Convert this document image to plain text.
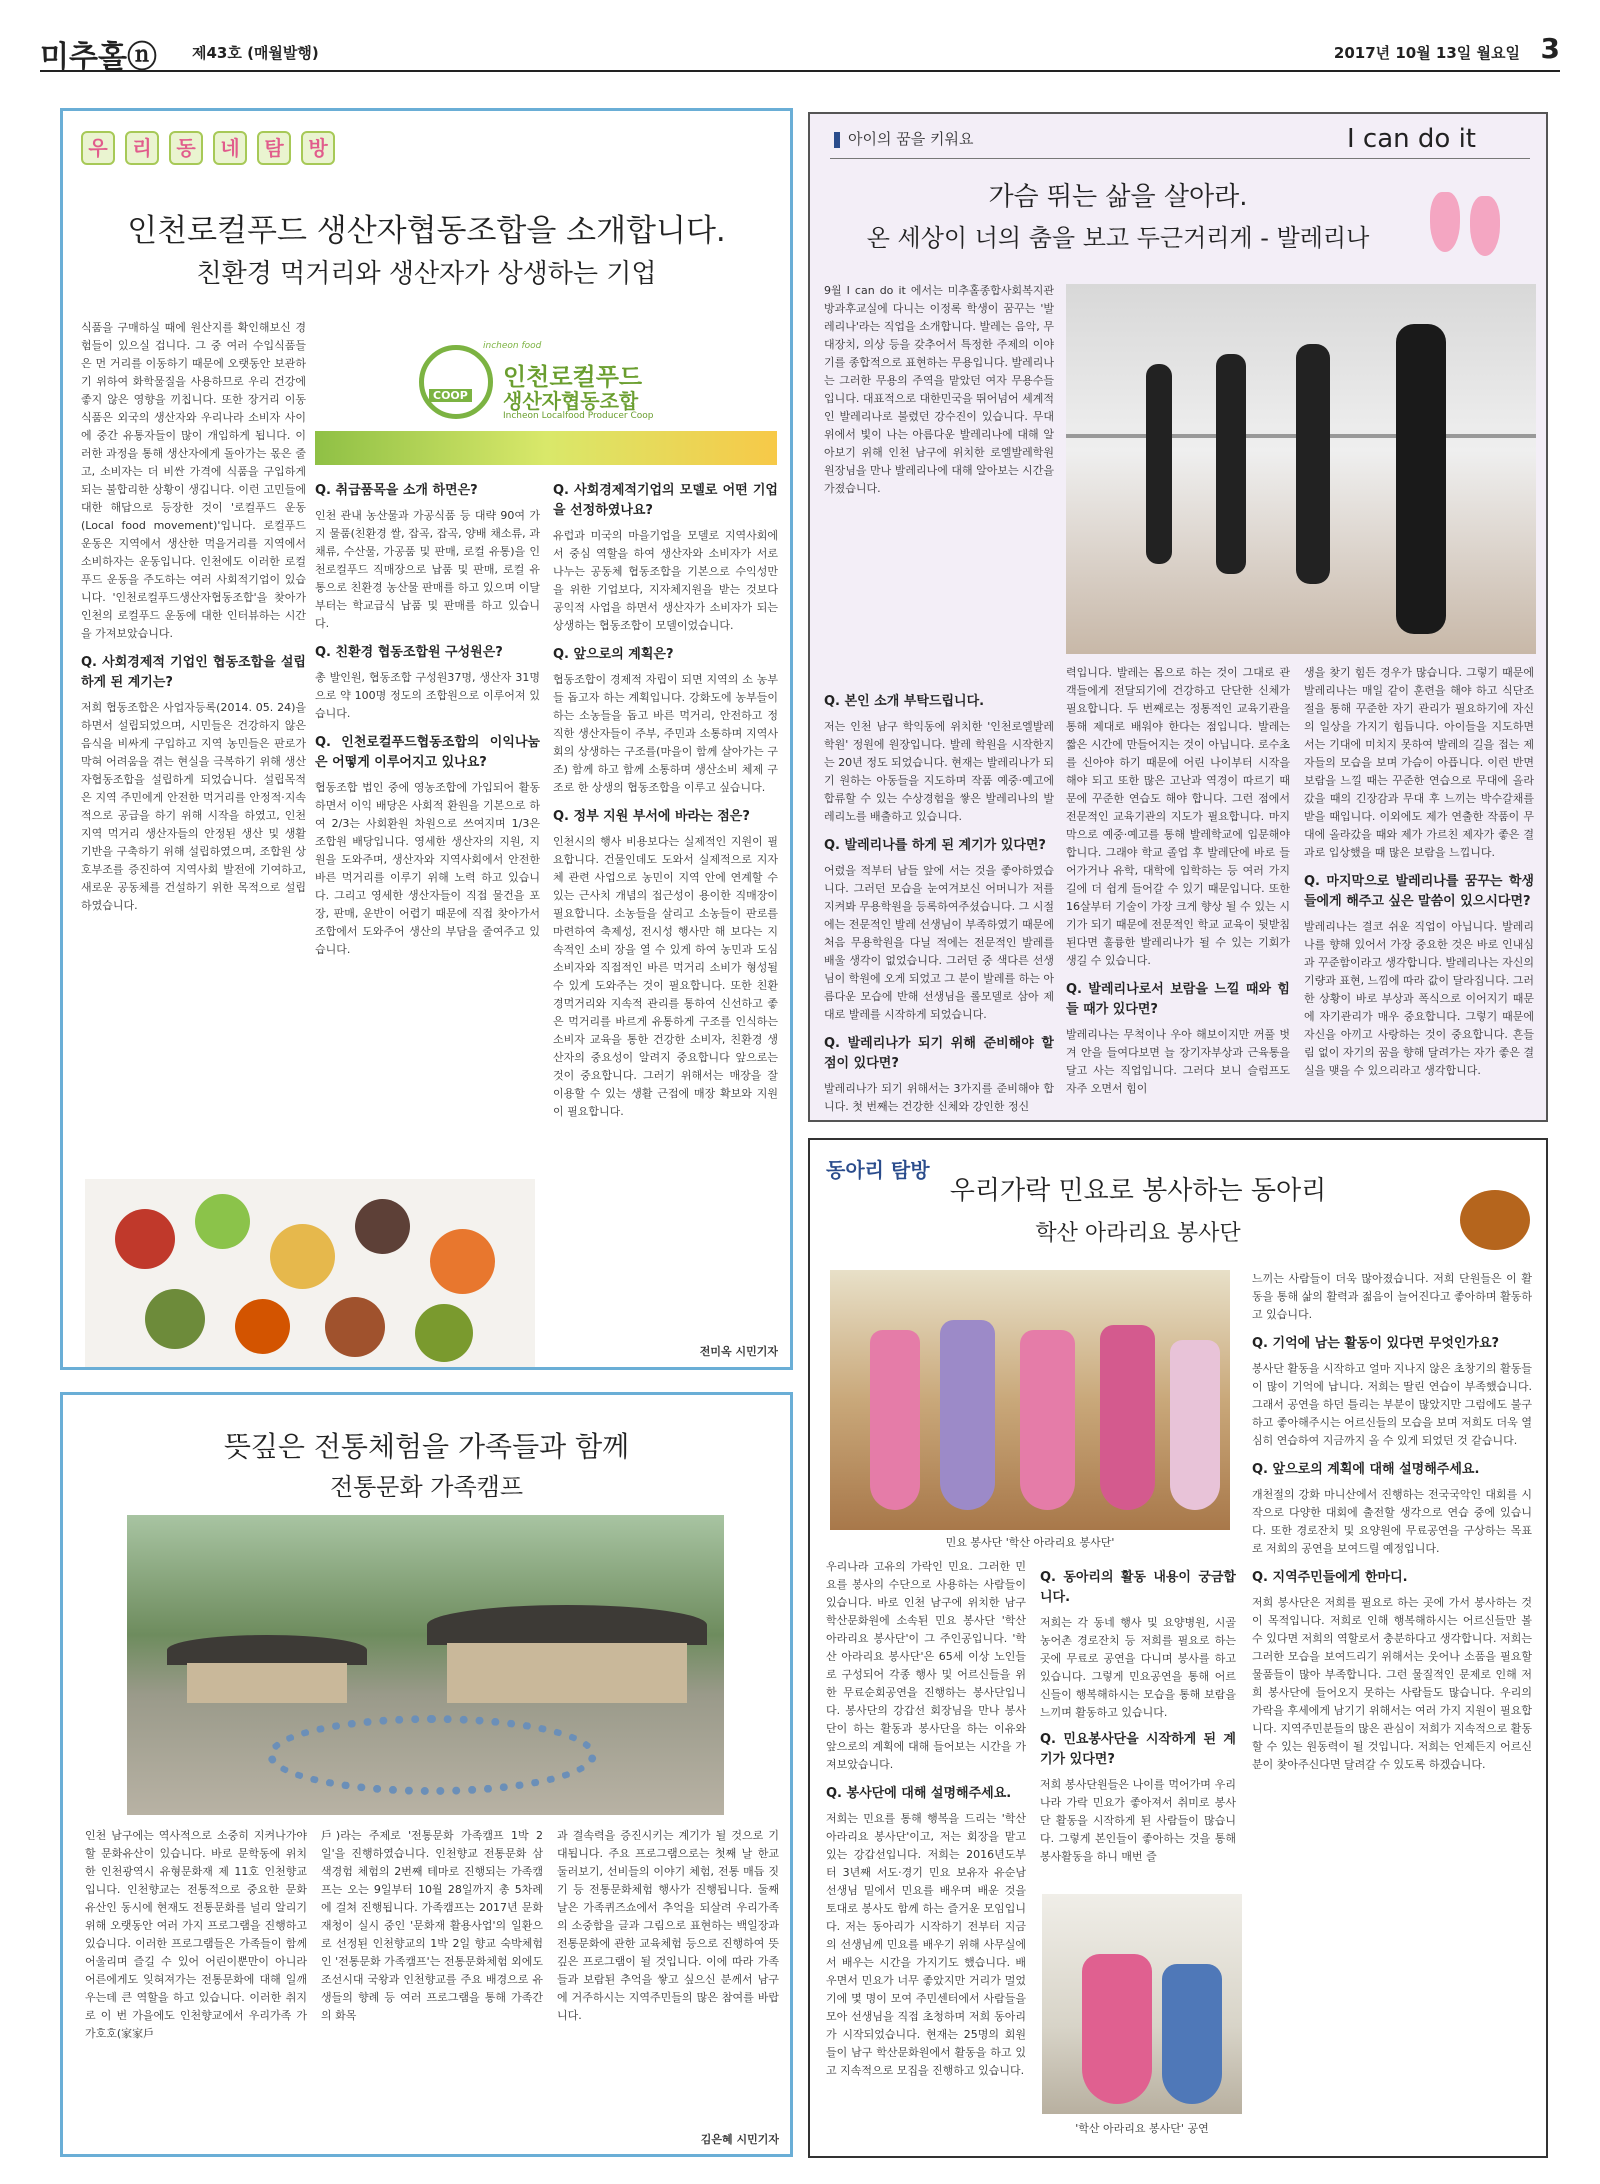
미추홀ⓝ 제43호 (매월발행)	2017년 10월 13일 월요일 3
우	리	동	네	탐	방
인천로컬푸드 생산자협동조합을 소개합니다.
친환경 먹거리와 생산자가 상생하는 기업

식품을 구매하실 때에 원산지를 확인해보신 경험들이 있으실 겁니다. 그 중 여러 수입식품들은 먼 거리를 이동하기 때문에 오랫동안 보관하기 위하여 화학물질을 사용하므로 우리 건강에 좋지 않은 영향을 끼칩니다. 또한 장거리 이동 식품은 외국의 생산자와 우리나라 소비자 사이에 중간 유통자들이 많이 개입하게 됩니다. 이러한 과정을 통해 생산자에게 돌아가는 몫은 줄고, 소비자는 더 비싼 가격에 식품을 구입하게 되는 불합리한 상황이 생깁니다. 이런 고민들에 대한 해답으로 등장한 것이 '로컬푸드 운동(Local food movement)'입니다. 로컬푸드 운동은 지역에서 생산한 먹을거리를 지역에서 소비하자는 운동입니다. 인천에도 이러한 로컬푸드 운동을 주도하는 여러 사회적기업이 있습니다. '인천로컬푸드생산자협동조합'을 찾아가 인천의 로컬푸드 운동에 대한 인터뷰하는 시간을 가져보았습니다.

Q. 사회경제적 기업인 협동조합을 설립하게 된 계기는?

저희 협동조합은 사업자등록(2014. 05. 24)을 하면서 설립되었으며, 시민들은 건강하지 않은 음식을 비싸게 구입하고 지역 농민들은 판로가 막혀 어려움을 겪는 현실을 극복하기 위해 생산자협동조합을 설립하게 되었습니다. 설립목적은 지역 주민에게 안전한 먹거리를 안정적·지속적으로 공급을 하기 위해 시작을 하였고, 인천지역 먹거리 생산자들의 안정된 생산 및 생활 기반을 구축하기 위해 설립하였으며, 조합원 상호부조를 증진하여 지역사회 발전에 기여하고, 새로운 공동체를 건설하기 위한 목적으로 설립하였습니다.

COOP
incheon food
인천로컬푸드
생산자협동조합
Incheon Localfood Producer Coop

Q. 취급품목을 소개 하면은?

인천 관내 농산물과 가공식품 등 대략 90여 가지 물품(친환경 쌀, 잡곡, 잡곡, 양배 채소류, 과채류, 수산물, 가공품 및 판매, 로컬 유통)을 인천로컬푸드 직매장으로 납품 및 판매, 로컬 유통으로 친환경 농산물 판매를 하고 있으며 이달 부터는 학교급식 납품 및 판매를 하고 있습니다.

Q. 친환경 협동조합원 구성원은?

총 발인원, 협동조합 구성원37명, 생산자 31명으로 약 100명 정도의 조합원으로 이루어져 있습니다.

Q. 인천로컬푸드협동조합의 이익나눔은 어떻게 이루어지고 있나요?

협동조합 법인 중에 영농조합에 가입되어 활동 하면서 이익 배당은 사회적 환원을 기본으로 하여 2/3는 사회환원 차원으로 쓰여지며 1/3은 조합원 배당입니다. 영세한 생산자의 지원, 지원을 도와주며, 생산자와 지역사회에서 안전한 바른 먹거리를 이루기 위해 노력 하고 있습니다. 그리고 영세한 생산자들이 직접 물건을 포장, 판매, 운반이 어렵기 때문에 직접 찾아가서 조합에서 도와주어 생산의 부담을 줄여주고 있습니다.

Q. 사회경제적기업의 모델로 어떤 기업을 선정하였나요?

유럽과 미국의 마을기업을 모델로 지역사회에서 중심 역할을 하여 생산자와 소비자가 서로 나누는 공동체 협동조합을 기본으로 수익성만을 위한 기업보다, 지자체지원을 받는 것보다 공익적 사업을 하면서 생산자가 소비자가 되는 상생하는 협동조합이 모델이었습니다.

Q. 앞으로의 계획은?

협동조합이 경제적 자립이 되면 지역의 소 농부들 돕고자 하는 계획입니다. 강화도에 농부들이 하는 소농들을 돕고 바른 먹거리, 안전하고 정직한 생산자들이 주부, 주민과 소통하며 지역사회의 상생하는 구조를(마을이 함께 살아가는 구조) 함께 하고 함께 소통하며 생산소비 체제 구조로 한 상생의 협동조합을 이루고 싶습니다.

Q. 정부 지원 부서에 바라는 점은?

인천시의 행사 비용보다는 실제적인 지원이 필요합니다. 건물인데도 도와서 실제적으로 지자체 관련 사업으로 농민이 지역 안에 연계할 수 있는 근사치 개념의 접근성이 용이한 직매장이 필요합니다. 소농들을 살리고 소농들이 판로를 마련하여 축제성, 전시성 행사만 해 보다는 지속적인 소비 장을 열 수 있게 하여 농민과 도심 소비자와 직접적인 바른 먹거리 소비가 형성될 수 있게 도와주는 것이 필요합니다. 또한 친환경먹거리와 지속적 관리를 통하여 신선하고 좋은 먹거리를 바르게 유통하게 구조를 인식하는 소비자 교육을 통한 건강한 소비자, 친환경 생산자의 중요성이 알려지 중요합니다 앞으로는 것이 중요합니다. 그러기 위해서는 매장을 잘 이용할 수 있는 생활 근접에 매장 확보와 지원이 필요합니다.

전미옥 시민기자
뜻깊은 전통체험을 가족들과 함께
전통문화 가족캠프

인천 남구에는 역사적으로 소중히 지켜나가야 할 문화유산이 있습니다. 바로 문학동에 위치한 인천광역시 유형문화재 제 11호 인천향교입니다. 인천향교는 전통적으로 중요한 문화 유산인 동시에 현재도 전통문화를 널리 알리기 위해 오랫동안 여러 가지 프로그램을 진행하고 있습니다. 이러한 프로그램들은 가족들이 함께 어울리며 즐길 수 있어 어린이뿐만이 아니라 어른에게도 잊혀져가는 전통문화에 대해 일깨우는데 큰 역할을 하고 있습니다. 이러한 취지로 이 번 가을에도 인천향교에서 우리가족 가가호호(家家戶

戶)라는 주제로 '전통문화 가족캠프 1박 2일'을 진행하였습니다. 인천향교 전통문화 삼색경험 체험의 2번째 테마로 진행되는 가족캠프는 오는 9일부터 10월 28일까지 총 5차례에 걸쳐 진행됩니다. 가족캠프는 2017년 문화재청이 실시 중인 '문화재 활용사업'의 일환으로 선정된 인천향교의 1박 2일 향교 숙박체험 인 '전통문화 가족캠프'는 전통문화체험 외에도 조선시대 국왕과 인천향교를 주요 배경으로 유생들의 향례 등 여러 프로그램을 통해 가족간의 화목

과 결속력을 증진시키는 계기가 될 것으로 기대됩니다. 주요 프로그램으로는 첫째 날 한교 둘러보기, 선비들의 이야기 체험, 전통 매듭 짓기 등 전통문화체험 행사가 진행됩니다. 둘째 날은 가족퀴즈쇼에서 추억을 되살려 우리가족의 소중함을 글과 그림으로 표현하는 백일장과 전통문화에 관한 교육체험 등으로 진행하여 뜻 깊은 프로그램이 될 것입니다. 이에 따라 가족들과 보람된 추억을 쌓고 싶으신 분께서 남구에 거주하시는 지역주민들의 많은 참여를 바랍니다.

김은혜 시민기자
아이의 꿈을 키워요	I can do it
가슴 뛰는 삶을 살아라.
온 세상이 너의 춤을 보고 두근거리게 - 발레리나

9월 I can do it 에서는 미추홀종합사회복지관 방과후교실에 다니는 이정록 학생이 꿈꾸는 '발레리나'라는 직업을 소개합니다. 발레는 음악, 무대장치, 의상 등을 갖추어서 특정한 주제의 이야기를 종합적으로 표현하는 무용입니다. 발레리나는 그러한 무용의 주역을 맡았던 여자 무용수들입니다. 대표적으로 대한민국을 뛰어넘어 세계적인 발레리나로 불렸던 강수진이 있습니다. 무대 위에서 빛이 나는 아름다운 발레리나에 대해 알아보기 위해 인천 남구에 위치한 로엘발레학원 원장님을 만나 발레리나에 대해 알아보는 시간을 가졌습니다.

Q. 본인 소개 부탁드립니다.

저는 인천 남구 학익동에 위치한 '인천로엘발레학원' 정원에 원장입니다. 발레 학원을 시작한지는 20년 정도 되었습니다. 현재는 발레리나가 되기 원하는 아동들을 지도하며 작품 예중·예고에 합류할 수 있는 수상경험을 쌓은 발레리나의 발레리노를 배출하고 있습니다.

Q. 발레리나를 하게 된 계기가 있다면?

어렸을 적부터 남들 앞에 서는 것을 좋아하였습니다. 그러던 모습을 눈여겨보신 어머니가 저를 지켜봐 무용학원을 등록하여주셨습니다. 그 시절에는 전문적인 발레 선생님이 부족하였기 때문에 처음 무용학원을 다닐 적에는 전문적인 발레를 배울 생각이 없었습니다. 그러던 중 색다른 선생님이 학원에 오게 되었고 그 분이 발레를 하는 아름다운 모습에 반해 선생님을 롤모델로 삼아 제대로 발레를 시작하게 되었습니다.

Q. 발레리나가 되기 위해 준비해야 할 점이 있다면?

발레리나가 되기 위해서는 3가지를 준비해야 합니다. 첫 번째는 건강한 신체와 강인한 정신

력입니다. 발레는 몸으로 하는 것이 그대로 관객들에게 전달되기에 건강하고 단단한 신체가 필요합니다. 두 번째로는 정통적인 교육기관을 통해 제대로 배워야 한다는 점입니다. 발레는 짧은 시간에 만들어지는 것이 아닙니다. 로수초를 신아야 하기 때문에 어린 나이부터 시작을 해야 되고 또한 많은 고난과 역경이 따르기 때문에 꾸준한 연습도 해야 합니다. 그런 점에서 전문적인 교육기관의 지도가 필요합니다. 마지막으로 예중·예고를 통해 발레학교에 입문해야 합니다. 그래야 학교 졸업 후 발레단에 바로 들어가거나 유학, 대학에 입학하는 등 여러 가지 길에 더 쉽게 들어갈 수 있기 때문입니다. 또한 16살부터 기술이 가장 크게 향상 될 수 있는 시기가 되기 때문에 전문적인 학교 교육이 뒷받침 된다면 훌륭한 발레리나가 될 수 있는 기회가 생길 수 있습니다.

Q. 발레리나로서 보람을 느낄 때와 힘들 때가 있다면?

발레리나는 무척이나 우아 해보이지만 꺼풀 벗겨 안을 들여다보면 늘 장기자부상과 근육통을 달고 사는 직업입니다. 그러다 보니 슬럼프도 자주 오면서 힘이

생을 찾기 힘든 경우가 많습니다. 그렇기 때문에 발레리나는 매일 같이 훈련을 해야 하고 식단조절을 통해 꾸준한 자기 관리가 필요하기에 자신의 일상을 가지기 힘듭니다. 아이들을 지도하면서는 기대에 미치지 못하여 발레의 길을 접는 제자들의 모습을 보며 가슴이 아픕니다. 이런 반면 보람을 느낄 때는 꾸준한 연습으로 무대에 올라갔을 때의 긴장감과 무대 후 느끼는 박수갈채를 받을 때입니다. 이외에도 제가 연출한 작품이 무대에 올라갔을 때와 제가 가르친 제자가 좋은 결과로 입상했을 때 많은 보람을 느낍니다.

Q. 마지막으로 발레리나를 꿈꾸는 학생들에게 해주고 싶은 말씀이 있으시다면?

발레리나는 결코 쉬운 직업이 아닙니다. 발레리나를 향해 있어서 가장 중요한 것은 바로 인내심과 꾸준함이라고 생각합니다. 발레리나는 자신의 기량과 표현, 느낌에 따라 값이 달라집니다. 그러한 상황이 바로 부상과 폭식으로 이어지기 때문에 자기관리가 매우 중요합니다. 그렇기 때문에 자신을 아끼고 사랑하는 것이 중요합니다. 흔들림 없이 자기의 꿈을 향해 달려가는 자가 좋은 결실을 맺을 수 있으리라고 생각합니다.

동아리 탐방
우리가락 민요로 봉사하는 동아리
학산 아라리요 봉사단
민요 봉사단 '학산 아라리요 봉사단'

우리나라 고유의 가락인 민요. 그러한 민요를 봉사의 수단으로 사용하는 사람들이 있습니다. 바로 인천 남구에 위치한 남구학산문화원에 소속된 민요 봉사단 '학산 아라리요 봉사단'이 그 주인공입니다. '학산 아라리요 봉사단'은 65세 이상 노인들로 구성되어 각종 행사 및 어르신들을 위한 무료순회공연을 진행하는 봉사단입니다. 봉사단의 강갑선 회장님을 만나 봉사단이 하는 활동과 봉사단을 하는 이유와 앞으로의 계획에 대해 들어보는 시간을 가져보았습니다.

Q. 봉사단에 대해 설명해주세요.

저희는 민요를 통해 행복을 드리는 '학산 아라리요 봉사단'이고, 저는 회장을 맡고 있는 강갑선입니다. 저희는 2016년도부터 3년째 서도·경기 민요 보유자 유순남 선생님 밑에서 민요를 배우며 배운 것을 토대로 봉사도 함께 하는 즐거운 모임입니다. 저는 동아리가 시작하기 전부터 지금의 선생님께 민요를 배우기 위해 사무실에서 배우는 시간을 가지기도 했습니다. 배우면서 민요가 너무 좋았지만 거리가 멀었기에 몇 명이 모여 주민센터에서 사람들을 모아 선생님을 직접 초청하며 저희 동아리가 시작되었습니다. 현재는 25명의 회원들이 남구 학산문화원에서 활동을 하고 있고 지속적으로 모집을 진행하고 있습니다.

Q. 동아리의 활동 내용이 궁금합니다.

저희는 각 동네 행사 및 요양병원, 시골 농어촌 경로잔치 등 저희를 필요로 하는 곳에 무료로 공연을 다니며 봉사를 하고 있습니다. 그렇게 민요공연을 통해 어르신들이 행복해하시는 모습을 통해 보람을 느끼며 활동하고 있습니다.

Q. 민요봉사단을 시작하게 된 계기가 있다면?

저희 봉사단원들은 나이를 먹어가며 우리나라 가락 민요가 좋아져서 취미로 봉사단 활동을 시작하게 된 사람들이 많습니다. 그렇게 본인들이 좋아하는 것을 통해 봉사활동을 하니 매번 즐

'학산 아라리요 봉사단' 공연

느끼는 사람들이 더욱 많아졌습니다. 저희 단원들은 이 활동을 통해 삶의 활력과 젊음이 늘어진다고 좋아하며 활동하고 있습니다.

Q. 기억에 남는 활동이 있다면 무엇인가요?

봉사단 활동을 시작하고 얼마 지나지 않은 초창기의 활동들이 많이 기억에 납니다. 저희는 딸린 연습이 부족했습니다. 그래서 공연을 하던 틀리는 부분이 많았지만 그럼에도 불구하고 좋아해주시는 어르신들의 모습을 보며 저희도 더욱 열심히 연습하여 지금까지 올 수 있게 되었던 것 같습니다.

Q. 앞으로의 계획에 대해 설명해주세요.

개천절의 강화 마니산에서 진행하는 전국국악인 대회를 시작으로 다양한 대회에 출전할 생각으로 연습 중에 있습니다. 또한 경로잔치 및 요양원에 무료공연을 구상하는 목표로 저희의 공연을 보여드릴 예정입니다.

Q. 지역주민들에게 한마디.

저희 봉사단은 저희를 필요로 하는 곳에 가서 봉사하는 것이 목적입니다. 저희로 인해 행복해하시는 어르신들만 볼 수 있다면 저희의 역할로서 충분하다고 생각합니다. 저희는 그러한 모습을 보여드리기 위해서는 웃어나 소품을 필요할 물품들이 많아 부족합니다. 그런 물질적인 문제로 인해 저희 봉사단에 들어오지 못하는 사람들도 많습니다. 우리의 가락을 후세에게 남기기 위해서는 여러 가지 지원이 필요합니다. 지역주민분들의 많은 관심이 저희가 지속적으로 활동할 수 있는 원동력이 될 것입니다. 저희는 언제든지 어르신분이 찾아주신다면 달려갈 수 있도록 하겠습니다.
